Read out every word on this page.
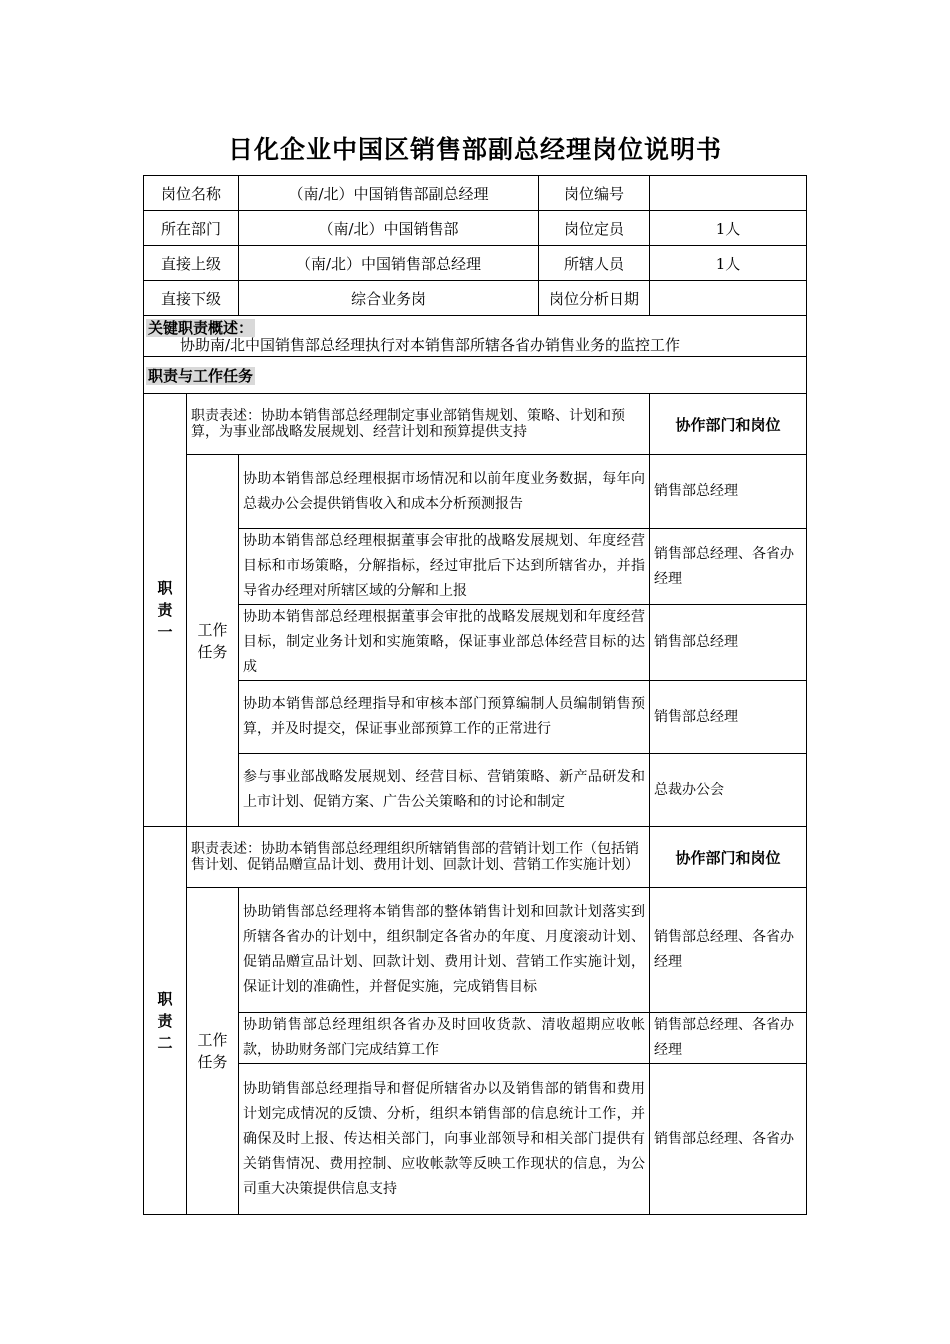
日化企业中国区销售部副总经理岗位说明书
岗位名称		（南/北）中国销售部副总经理	岗位编号	
所在部门		（南/北）中国销售部	岗位定员	1人
直接上级		（南/北）中国销售部总经理	所辖人员	1人
直接下级		综合业务岗	岗位分析日期	
关键职责概述：
协助南/北中国销售部总经理执行对本销售部所辖各省办销售业务的监控工作				

职责与工作任务				

职
责
一	职责表述：协助本销售部总经理制定事业部销售规划、策略、计划和预算，为事业部战略发展规划、经营计划和预算提供支持			协作部门和岗位

	工作
任务	协助本销售部总经理根据市场情况和以前年度业务数据，每年向总裁办公会提供销售收入和成本分析预测报告		销售部总经理
		协助本销售部总经理根据董事会审批的战略发展规划、年度经营目标和市场策略，分解指标，经过审批后下达到所辖省办，并指导省办经理对所辖区域的分解和上报		销售部总经理、各省办经理
		协助本销售部总经理根据董事会审批的战略发展规划和年度经营目标，制定业务计划和实施策略，保证事业部总体经营目标的达成		销售部总经理
		协助本销售部总经理指导和审核本部门预算编制人员编制销售预算，并及时提交，保证事业部预算工作的正常进行		销售部总经理
		参与事业部战略发展规划、经营目标、营销策略、新产品研发和上市计划、促销方案、广告公关策略和的讨论和制定		总裁办公会

职
责
二	职责表述：协助本销售部总经理组织所辖销售部的营销计划工作（包括销售计划、促销品赠宣品计划、费用计划、回款计划、营销工作实施计划）			协作部门和岗位

	工作
任务	协助销售部总经理将本销售部的整体销售计划和回款计划落实到所辖各省办的计划中，组织制定各省办的年度、月度滚动计划、促销品赠宣品计划、回款计划、费用计划、营销工作实施计划，保证计划的准确性，并督促实施，完成销售目标		销售部总经理、各省办经理
		协助销售部总经理组织各省办及时回收货款、清收超期应收帐款，协助财务部门完成结算工作		销售部总经理、各省办经理
		协助销售部总经理指导和督促所辖省办以及销售部的销售和费用计划完成情况的反馈、分析，组织本销售部的信息统计工作，并确保及时上报、传达相关部门，向事业部领导和相关部门提供有关销售情况、费用控制、应收帐款等反映工作现状的信息，为公司重大决策提供信息支持		销售部总经理、各省办
